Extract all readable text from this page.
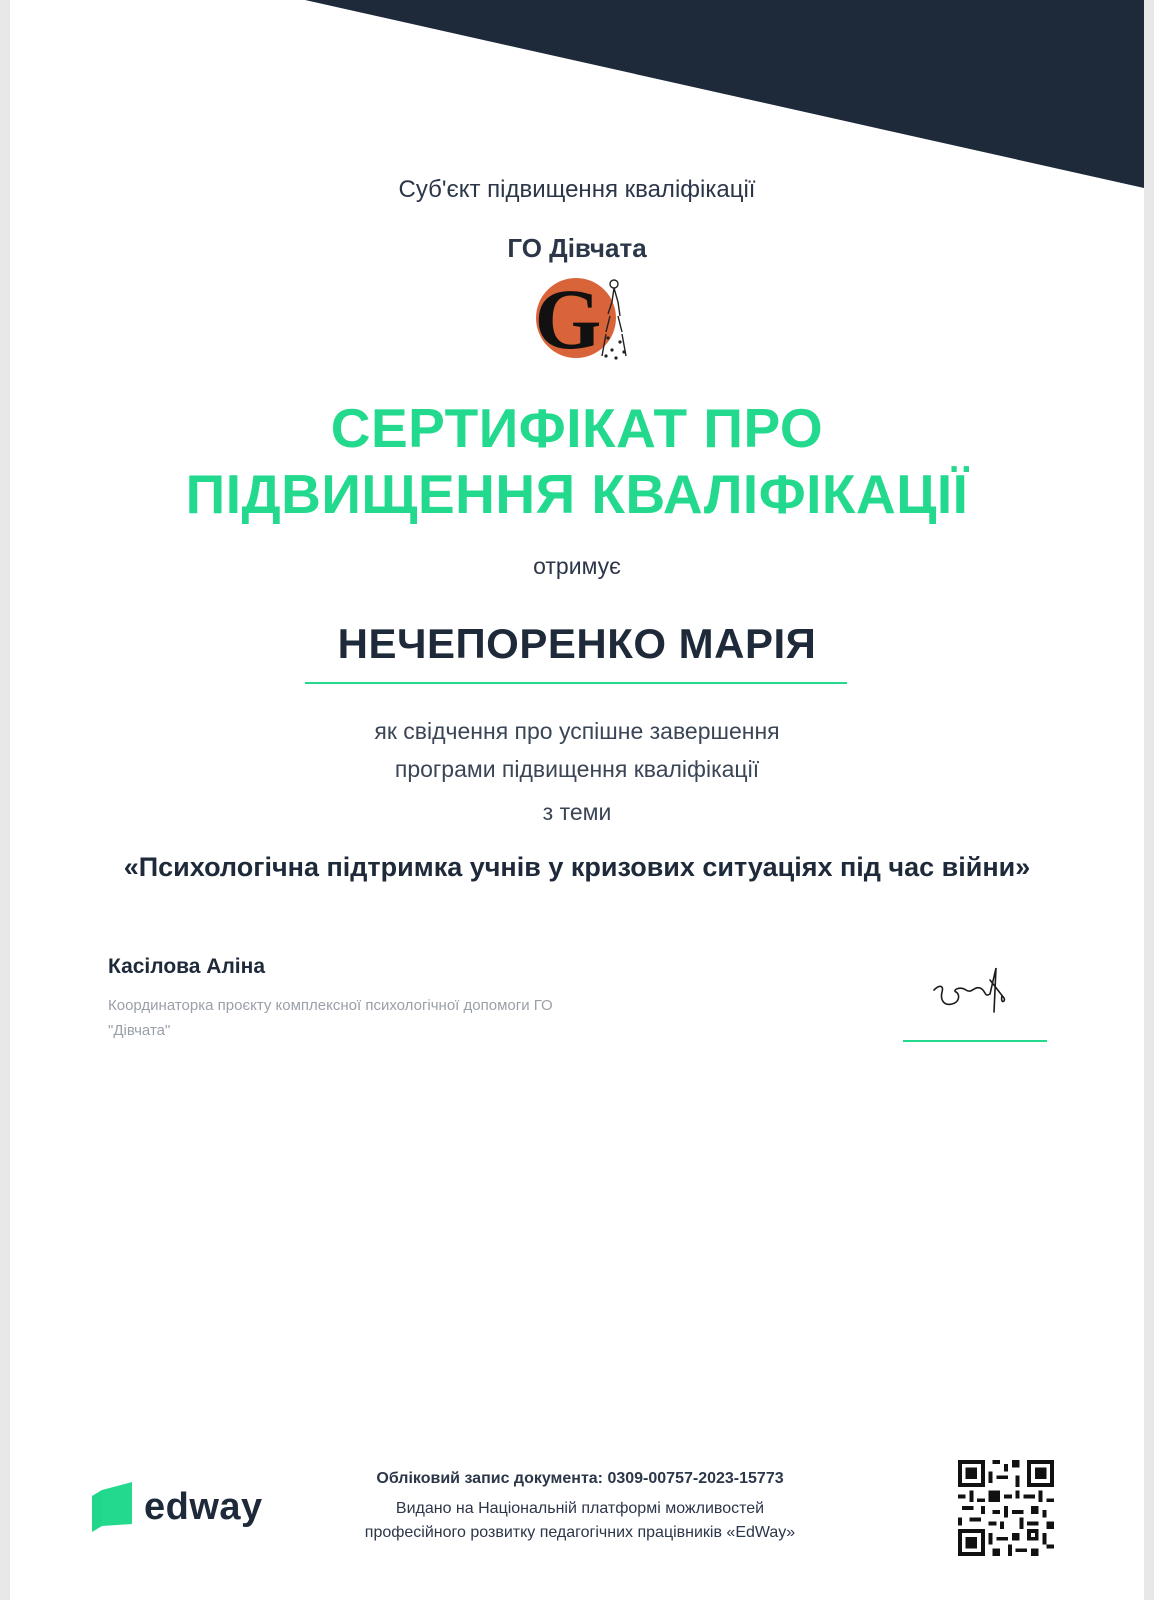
Суб'єкт підвищення кваліфікації
ГО Дівчата
G
СЕРТИФІКАТ ПРО
ПІДВИЩЕННЯ КВАЛІФІКАЦІЇ
отримує
НЕЧЕПОРЕНКО МАРІЯ
як свідчення про успішне завершення
програми підвищення кваліфікації
з теми
«Психологічна підтримка учнів у кризових ситуаціях під час війни»
Касілова Аліна
Координаторка проєкту комплексної психологічної допомоги ГО
"Дівчата"
edway
Обліковий запис документа: 0309-00757-2023-15773
Видано на Національній платформі можливостей
професійного розвитку педагогічних працівників «EdWay»
